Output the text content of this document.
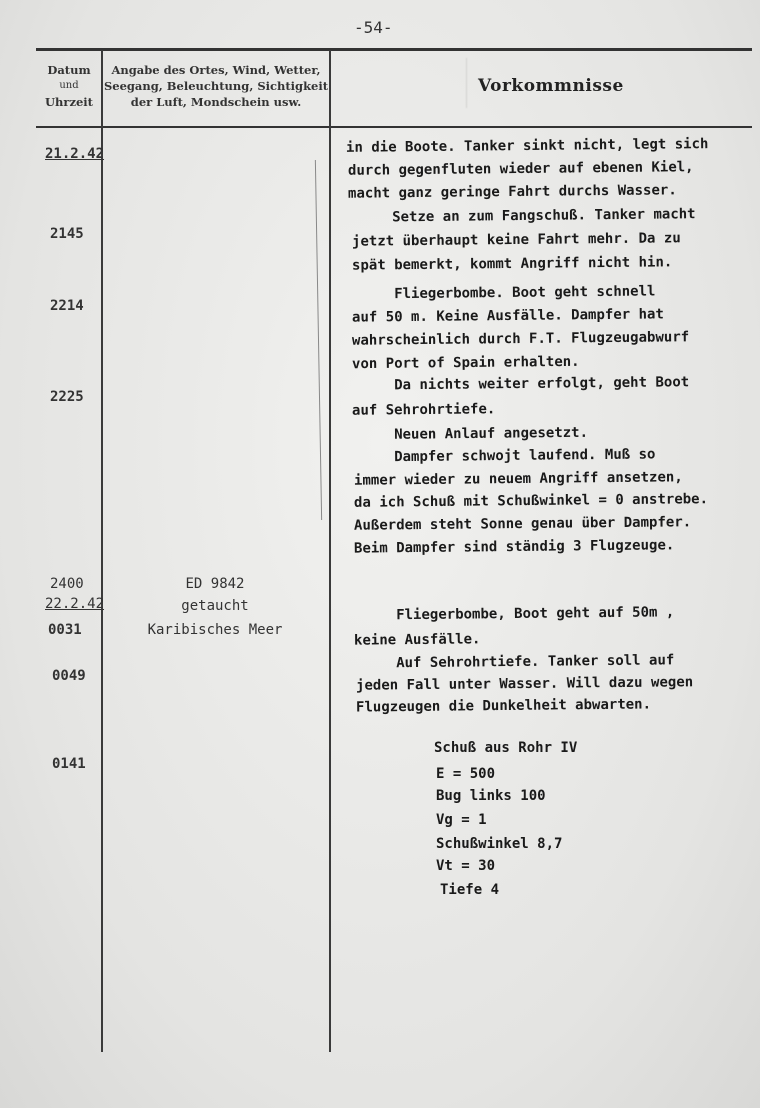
-54-
Datum
und
Uhrzeit
Angabe des Ortes, Wind, Wetter,
Seegang, Beleuchtung, Sichtigkeit
der Luft, Mondschein usw.
Vorkommnisse
21.2.42
2145
2214
2225
2400
22.2.42
0031
0049
0141
ED 9842
getaucht
Karibisches Meer
in die Boote. Tanker sinkt nicht, legt sich
durch gegenfluten wieder auf ebenen Kiel,
macht ganz geringe Fahrt durchs Wasser.
Setze an zum Fangschuß. Tanker macht
jetzt überhaupt keine Fahrt mehr. Da zu
spät bemerkt, kommt Angriff nicht hin.
Fliegerbombe. Boot geht schnell
auf 50 m. Keine Ausfälle. Dampfer hat
wahrscheinlich durch F.T. Flugzeugabwurf
von Port of Spain erhalten.
Da nichts weiter erfolgt, geht Boot
auf Sehrohrtiefe.
Neuen Anlauf angesetzt.
Dampfer schwojt laufend. Muß so
immer wieder zu neuem Angriff ansetzen,
da ich Schuß mit Schußwinkel = 0 anstrebe.
Außerdem steht Sonne genau über Dampfer.
Beim Dampfer sind ständig 3 Flugzeuge.
Fliegerbombe, Boot geht auf 50m ,
keine Ausfälle.
Auf Sehrohrtiefe. Tanker soll auf
jeden Fall unter Wasser. Will dazu wegen
Flugzeugen die Dunkelheit abwarten.
Schuß aus Rohr IV
E = 500
Bug links 100
Vg = 1
Schußwinkel 8,7
Vt = 30
Tiefe 4
